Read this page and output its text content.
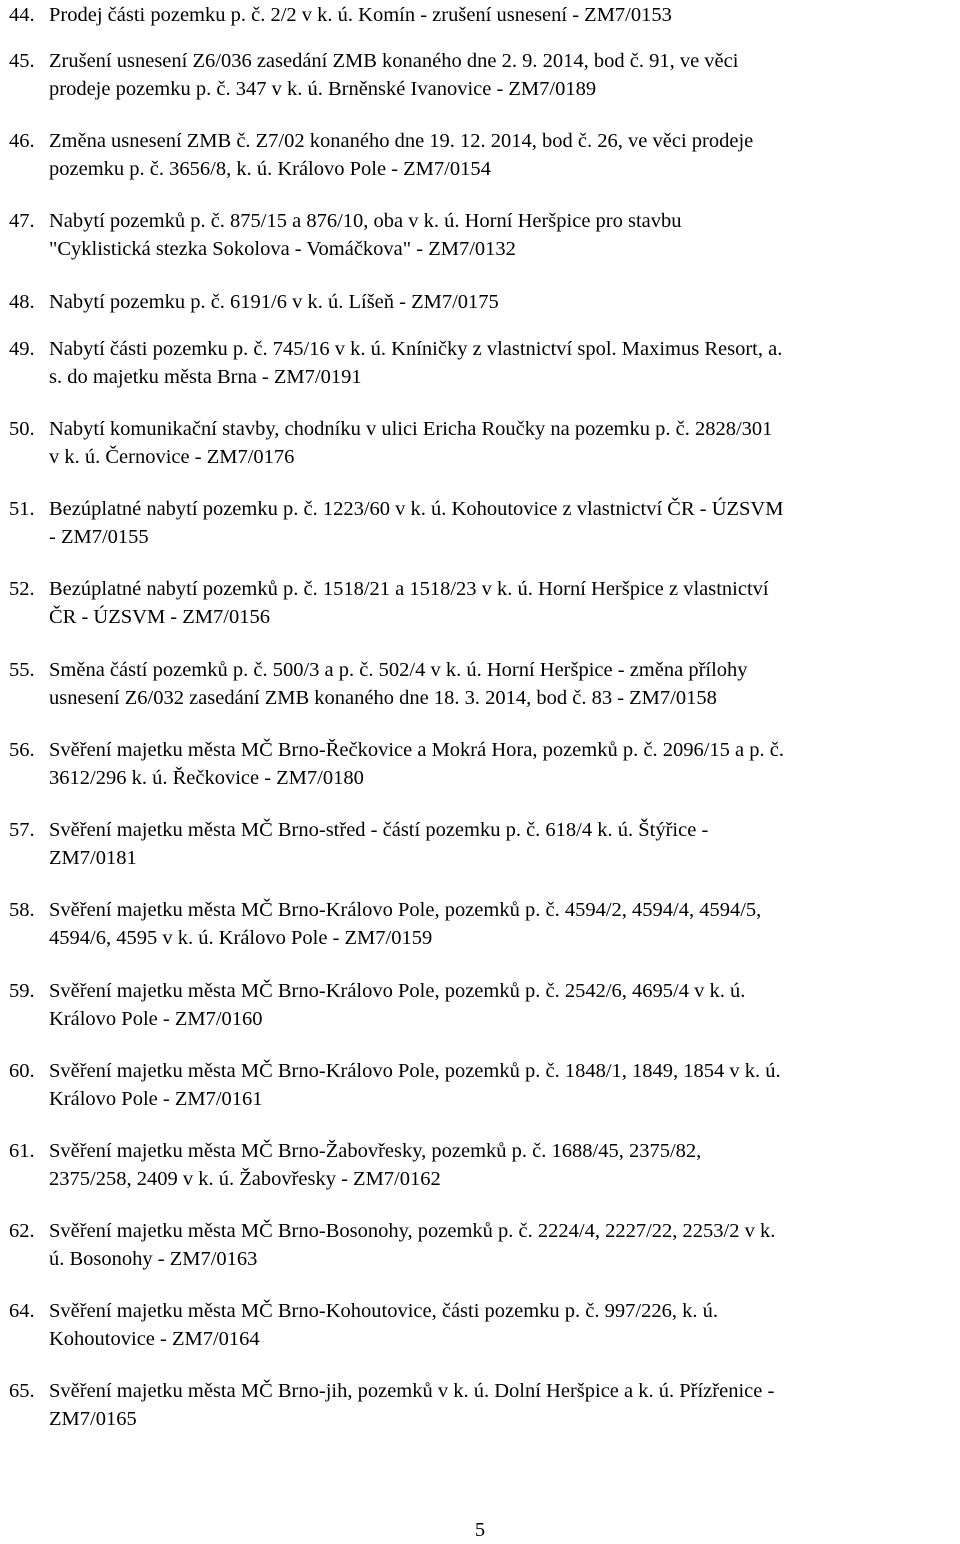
44. Prodej části pozemku p. č. 2/2 v k. ú. Komín - zrušení usnesení - ZM7/0153
45. Zrušení usnesení Z6/036 zasedání ZMB konaného dne 2. 9. 2014, bod č. 91, ve věci
prodeje pozemku p. č. 347 v k. ú. Brněnské Ivanovice - ZM7/0189
46. Změna usnesení ZMB č. Z7/02 konaného dne 19. 12. 2014, bod č. 26, ve věci prodeje
pozemku p. č. 3656/8, k. ú. Královo Pole - ZM7/0154
47. Nabytí pozemků p. č. 875/15 a 876/10, oba v k. ú. Horní Heršpice pro stavbu
"Cyklistická stezka Sokolova - Vomáčkova" - ZM7/0132
48. Nabytí pozemku p. č. 6191/6 v k. ú. Líšeň - ZM7/0175
49. Nabytí části pozemku p. č. 745/16 v k. ú. Kníničky z vlastnictví spol. Maximus Resort, a.
s. do majetku města Brna - ZM7/0191
50. Nabytí komunikační stavby, chodníku v ulici Ericha Roučky na pozemku p. č. 2828/301
v k. ú. Černovice - ZM7/0176
51. Bezúplatné nabytí pozemku p. č. 1223/60 v k. ú. Kohoutovice z vlastnictví ČR - ÚZSVM
- ZM7/0155
52. Bezúplatné nabytí pozemků p. č. 1518/21 a 1518/23 v k. ú. Horní Heršpice z vlastnictví
ČR - ÚZSVM - ZM7/0156
55. Směna částí pozemků p. č. 500/3 a p. č. 502/4 v k. ú. Horní Heršpice - změna přílohy
usnesení Z6/032 zasedání ZMB konaného dne 18. 3. 2014, bod č. 83 - ZM7/0158
56. Svěření majetku města MČ Brno-Řečkovice a Mokrá Hora, pozemků p. č. 2096/15 a p. č.
3612/296 k. ú. Řečkovice - ZM7/0180
57. Svěření majetku města MČ Brno-střed - částí pozemku p. č. 618/4 k. ú. Štýřice -
ZM7/0181
58. Svěření majetku města MČ Brno-Královo Pole, pozemků p. č. 4594/2, 4594/4, 4594/5,
4594/6, 4595 v k. ú. Královo Pole - ZM7/0159
59. Svěření majetku města MČ Brno-Královo Pole, pozemků p. č. 2542/6, 4695/4 v k. ú.
Královo Pole - ZM7/0160
60. Svěření majetku města MČ Brno-Královo Pole, pozemků p. č. 1848/1, 1849, 1854 v k. ú.
Královo Pole - ZM7/0161
61. Svěření majetku města MČ Brno-Žabovřesky, pozemků p. č. 1688/45, 2375/82,
2375/258, 2409 v k. ú. Žabovřesky - ZM7/0162
62. Svěření majetku města MČ Brno-Bosonohy, pozemků p. č. 2224/4, 2227/22, 2253/2 v k.
ú. Bosonohy - ZM7/0163
64. Svěření majetku města MČ Brno-Kohoutovice, části pozemku p. č. 997/226, k. ú.
Kohoutovice - ZM7/0164
65. Svěření majetku města MČ Brno-jih, pozemků v k. ú. Dolní Heršpice a k. ú. Přízřenice -
ZM7/0165
5
